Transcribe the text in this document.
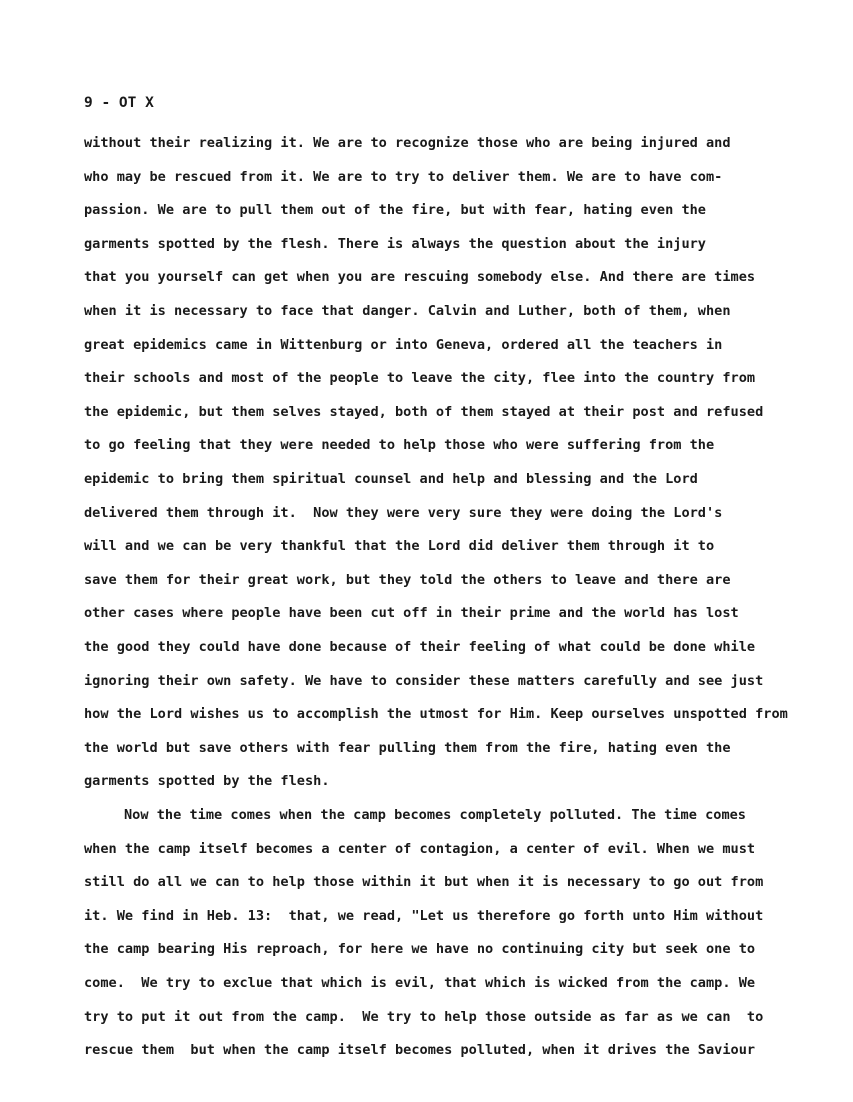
9 - OT X
without their realizing it. We are to recognize those who are being injured and
who may be rescued from it. We are to try to deliver them. We are to have com-
passion. We are to pull them out of the fire, but with fear, hating even the
garments spotted by the flesh. There is always the question about the injury
that you yourself can get when you are rescuing somebody else. And there are times
when it is necessary to face that danger. Calvin and Luther, both of them, when
great epidemics came in Wittenburg or into Geneva, ordered all the teachers in
their schools and most of the people to leave the city, flee into the country from
the epidemic, but them selves stayed, both of them stayed at their post and refused
to go feeling that they were needed to help those who were suffering from the
epidemic to bring them spiritual counsel and help and blessing and the Lord
delivered them through it.  Now they were very sure they were doing the Lord's
will and we can be very thankful that the Lord did deliver them through it to
save them for their great work, but they told the others to leave and there are
other cases where people have been cut off in their prime and the world has lost
the good they could have done because of their feeling of what could be done while
ignoring their own safety. We have to consider these matters carefully and see just
how the Lord wishes us to accomplish the utmost for Him. Keep ourselves unspotted from
the world but save others with fear pulling them from the fire, hating even the
garments spotted by the flesh.
Now the time comes when the camp becomes completely polluted. The time comes
when the camp itself becomes a center of contagion, a center of evil. When we must
still do all we can to help those within it but when it is necessary to go out from
it. We find in Heb. 13:  that, we read, "Let us therefore go forth unto Him without
the camp bearing His reproach, for here we have no continuing city but seek one to
come.  We try to exclue that which is evil, that which is wicked from the camp. We
try to put it out from the camp.  We try to help those outside as far as we can  to
rescue them  but when the camp itself becomes polluted, when it drives the Saviour
